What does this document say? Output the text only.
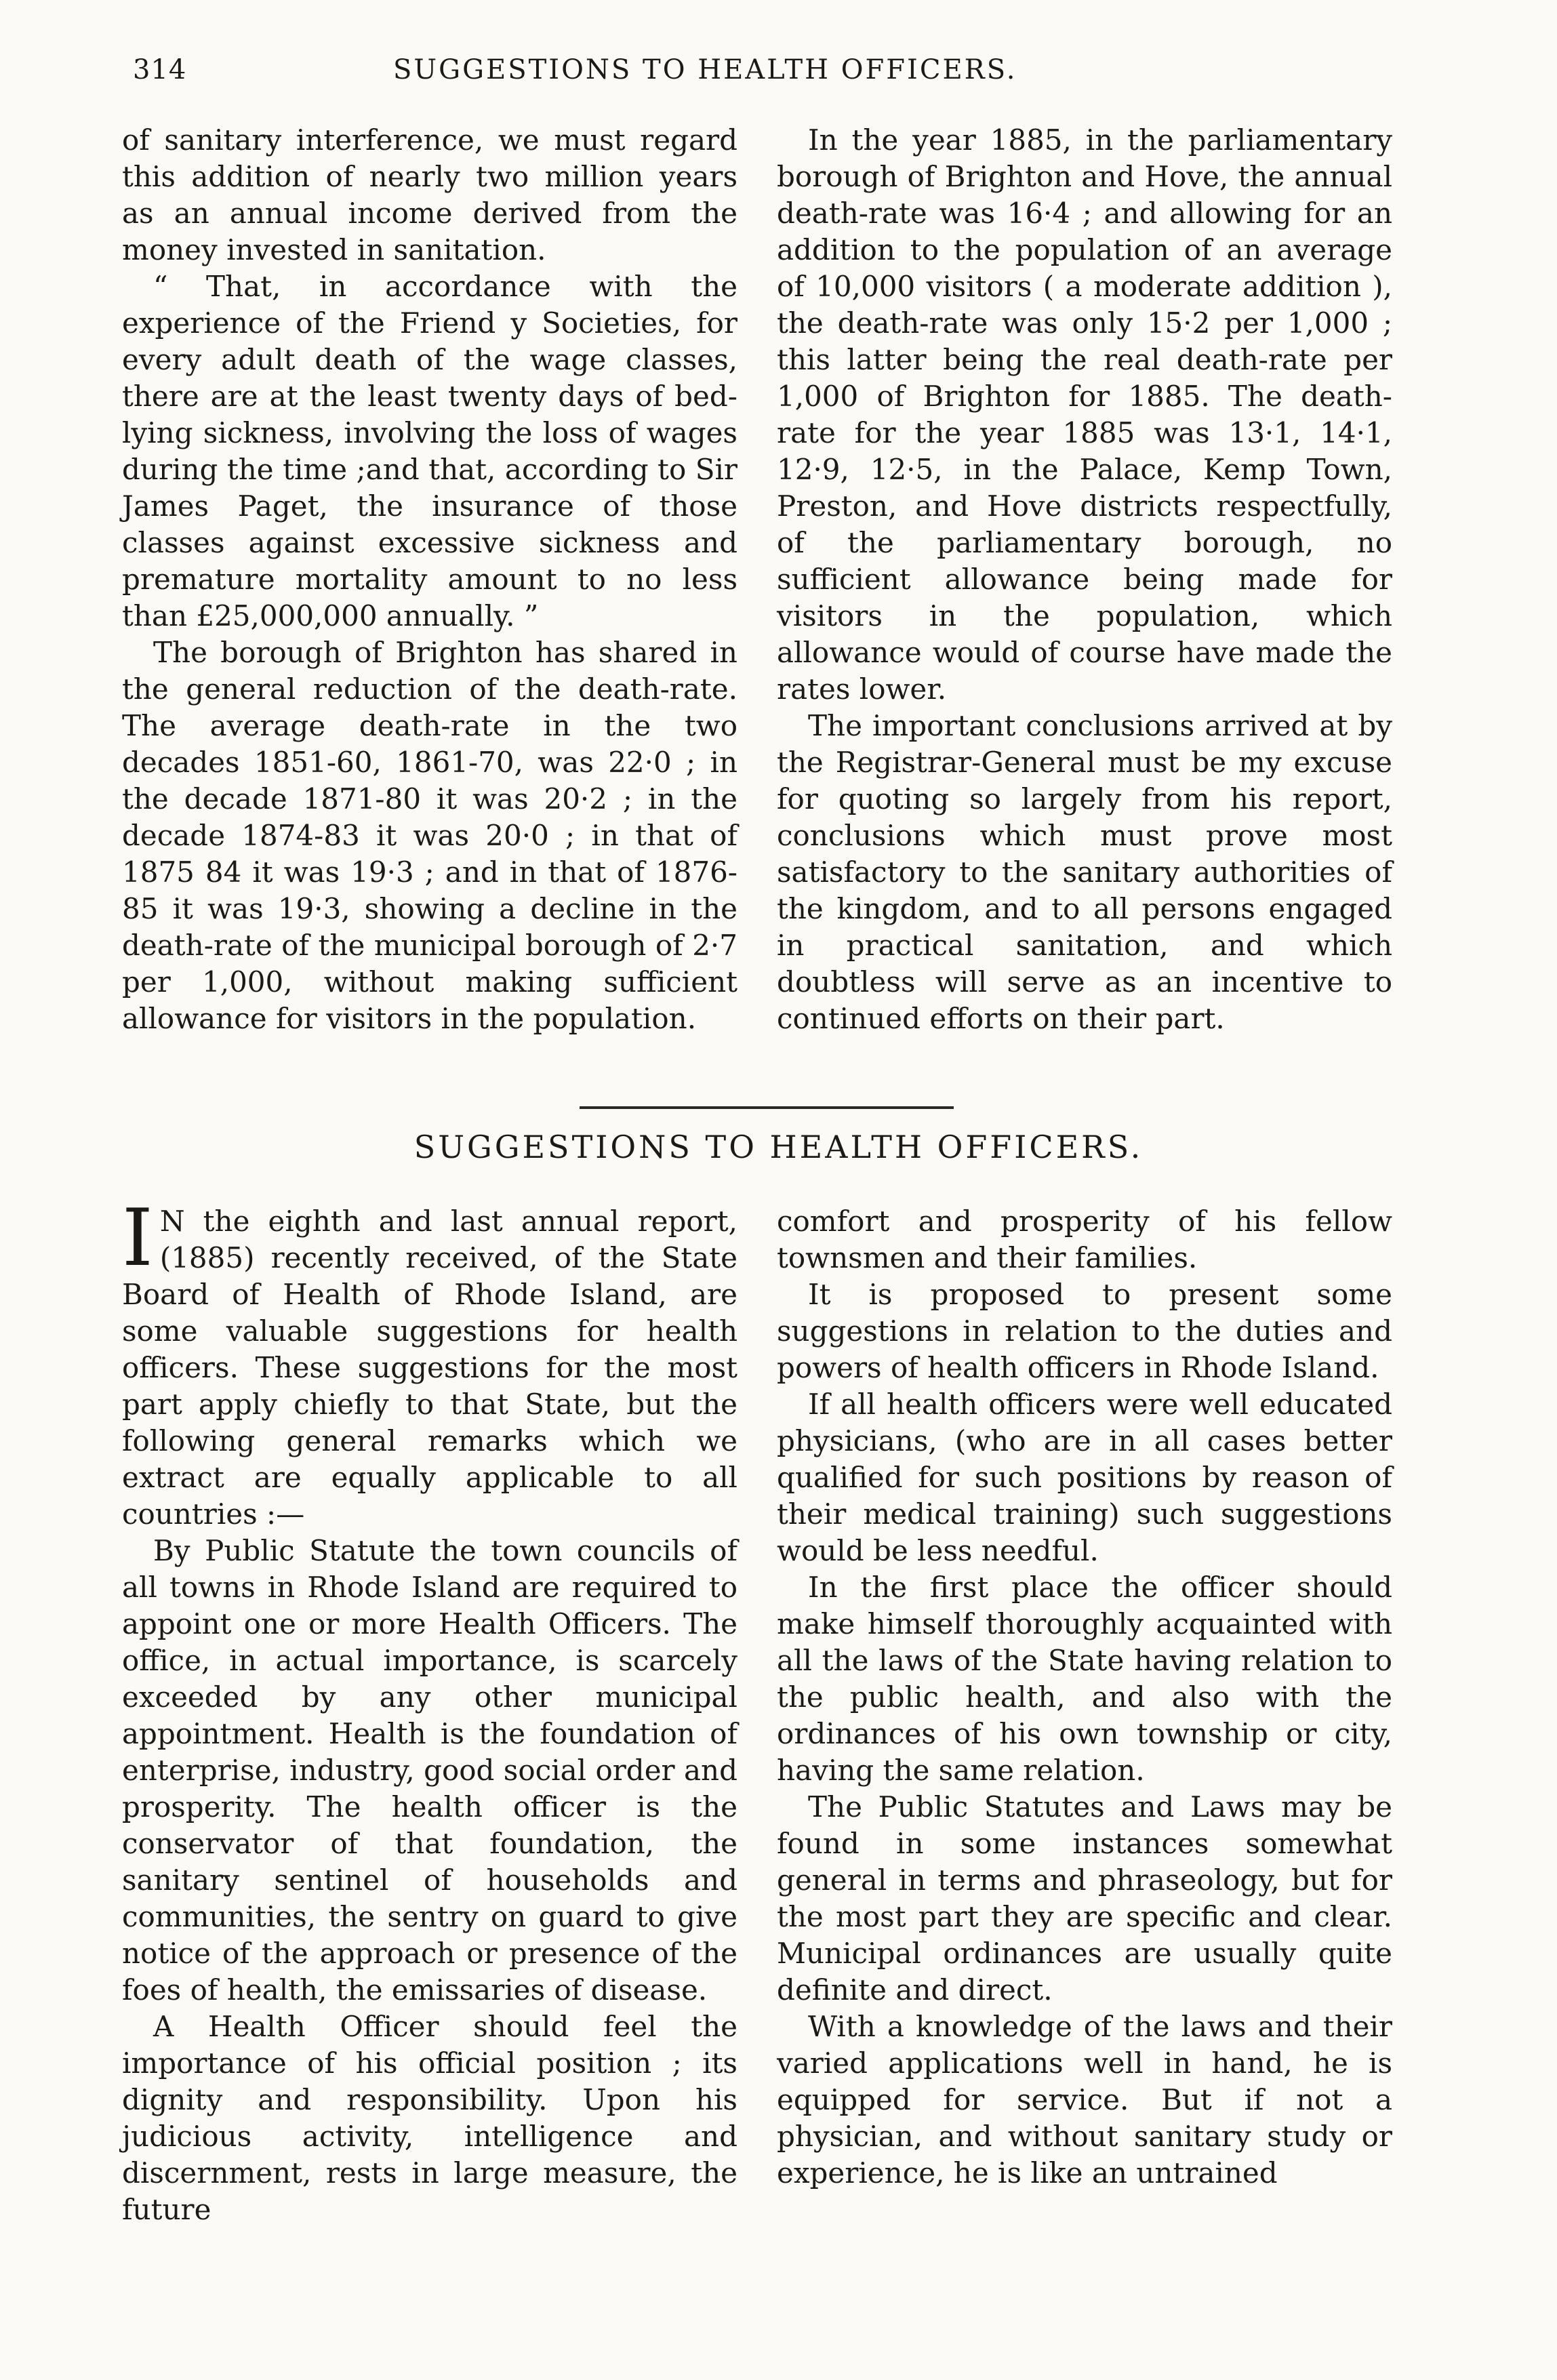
314	SUGGESTIONS TO HEALTH OFFICERS.

of sanitary interference, we must regard this addition of nearly two million years as an annual income derived from the money invested in sanitation.

“ That, in accordance with the experience of the Friend y Societies, for every adult death of the wage classes, there are at the least twenty days of bed-lying sickness, involving the loss of wages during the time ;and that, according to Sir James Paget, the insurance of those classes against excessive sickness and premature mortality amount to no less than £25,000,000 annually. ”

The borough of Brighton has shared in the general reduction of the death-rate. The average death-rate in the two decades 1851-60, 1861-70, was 22·0 ; in the decade 1871-80 it was 20·2 ; in the decade 1874-83 it was 20·0 ; in that of 1875 84 it was 19·3 ; and in that of 1876-85 it was 19·3, showing a decline in the death-rate of the municipal borough of 2·7 per 1,000, without making sufficient allowance for visitors in the population.

In the year 1885, in the parliamentary borough of Brighton and Hove, the annual death-rate was 16·4 ; and allowing for an addition to the population of an average of 10,000 visitors ( a moderate addition ), the death-rate was only 15·2 per 1,000 ; this latter being the real death-rate per 1,000 of Brighton for 1885. The death-rate for the year 1885 was 13·1, 14·1, 12·9, 12·5, in the Palace, Kemp Town, Preston, and Hove districts respectfully, of the parliamentary borough, no sufficient allowance being made for visitors in the population, which allowance would of course have made the rates lower.

The important conclusions arrived at by the Registrar-General must be my excuse for quoting so largely from his report, conclusions which must prove most satisfactory to the sanitary authorities of the kingdom, and to all persons engaged in practical sanitation, and which doubtless will serve as an incentive to continued efforts on their part.

SUGGESTIONS TO HEALTH OFFICERS.

I N the eighth and last annual report, (1885) recently received, of the State Board of Health of Rhode Island, are some valuable suggestions for health officers. These suggestions for the most part apply chiefly to that State, but the following general remarks which we extract are equally applicable to all countries :—

By Public Statute the town councils of all towns in Rhode Island are required to appoint one or more Health Officers. The office, in actual importance, is scarcely exceeded by any other municipal appointment. Health is the foundation of enterprise, industry, good social order and prosperity. The health officer is the conservator of that foundation, the sanitary sentinel of households and communities, the sentry on guard to give notice of the approach or presence of the foes of health, the emissaries of disease.

A Health Officer should feel the importance of his official position ; its dignity and responsibility. Upon his judicious activity, intelligence and discernment, rests in large measure, the future

comfort and prosperity of his fellow townsmen and their families.

It is proposed to present some suggestions in relation to the duties and powers of health officers in Rhode Island.

If all health officers were well educated physicians, (who are in all cases better qualified for such positions by reason of their medical training) such suggestions would be less needful.

In the first place the officer should make himself thoroughly acquainted with all the laws of the State having relation to the public health, and also with the ordinances of his own township or city, having the same relation.

The Public Statutes and Laws may be found in some instances somewhat general in terms and phraseology, but for the most part they are specific and clear. Municipal ordinances are usually quite definite and direct.

With a knowledge of the laws and their varied applications well in hand, he is equipped for service. But if not a physician, and without sanitary study or experience, he is like an untrained
